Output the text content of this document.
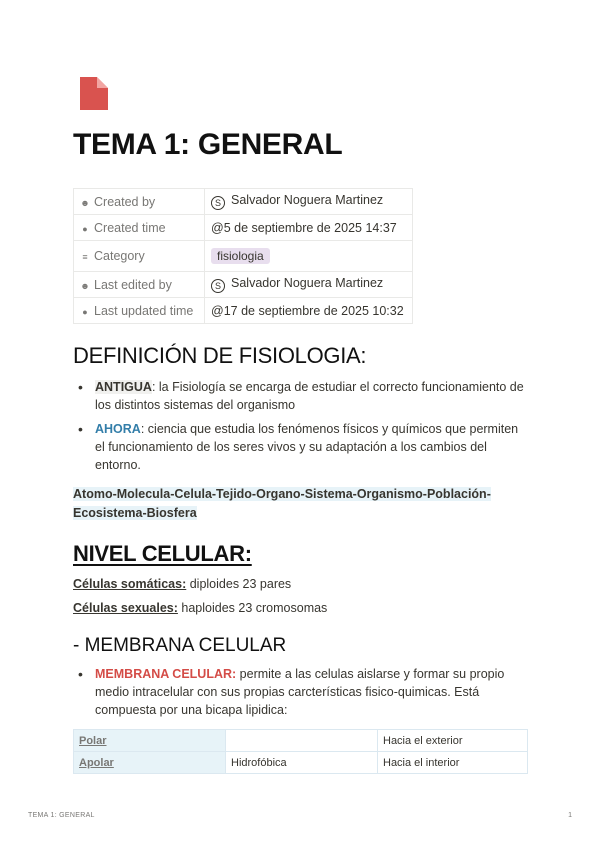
TEMA 1: GENERAL
☻ Created by	S Salvador Noguera Martinez
● Created time	@5 de septiembre de 2025 14:37
≡ Category	fisiologia
☻ Last edited by	S Salvador Noguera Martinez
● Last updated time	@17 de septiembre de 2025 10:32
DEFINICIÓN DE FISIOLOGIA:
• ANTIGUA: la Fisiología se encarga de estudiar el correcto funcionamiento de los distintos sistemas del organismo
• AHORA: ciencia que estudia los fenómenos físicos y químicos que permiten el funcionamiento de los seres vivos y su adaptación a los cambios del entorno.
Atomo-Molecula-Celula-Tejido-Organo-Sistema-Organismo-Población-
Ecosistema-Biosfera
NIVEL CELULAR:
Células somáticas: diploides 23 pares
Células sexuales: haploides 23 cromosomas
- MEMBRANA CELULAR
• MEMBRANA CELULAR: permite a las celulas aislarse y formar su propio medio intracelular con sus propias carcterísticas fisico-quimicas. Está compuesta por una bicapa lipidica:
Polar		Hacia el exterior
Apolar	Hidrofóbica	Hacia el interior
TEMA 1: GENERAL	1
